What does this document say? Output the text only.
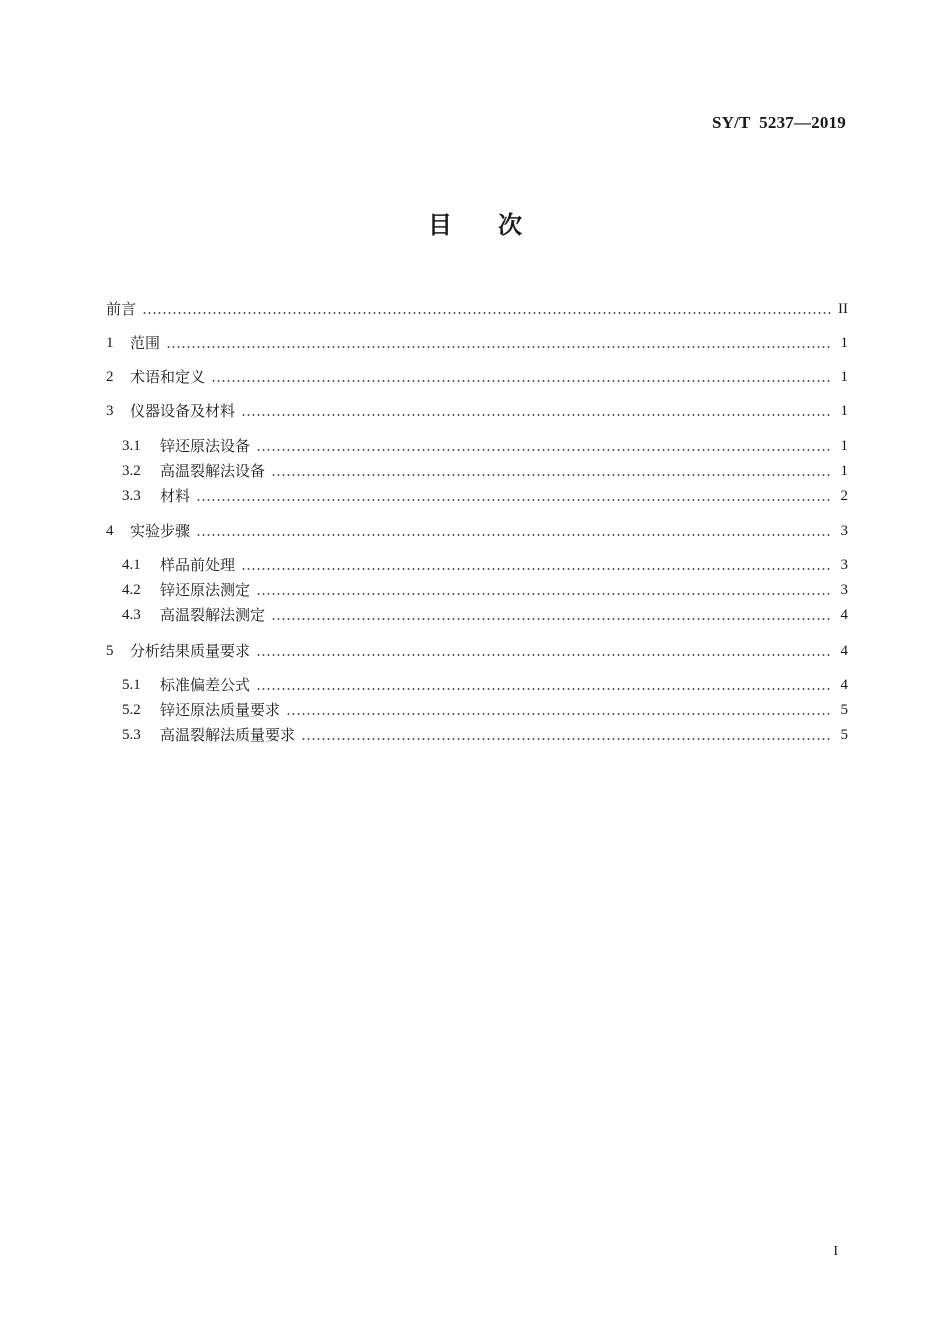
SY/T  5237—2019
目次
前言	II
1	范围	1
2	术语和定义	1
3	仪器设备及材料	1
3.1	锌还原法设备	1
3.2	高温裂解法设备	1
3.3	材料	2
4	实验步骤	3
4.1	样品前处理	3
4.2	锌还原法测定	3
4.3	高温裂解法测定	4
5	分析结果质量要求	4
5.1	标准偏差公式	4
5.2	锌还原法质量要求	5
5.3	高温裂解法质量要求	5
I
